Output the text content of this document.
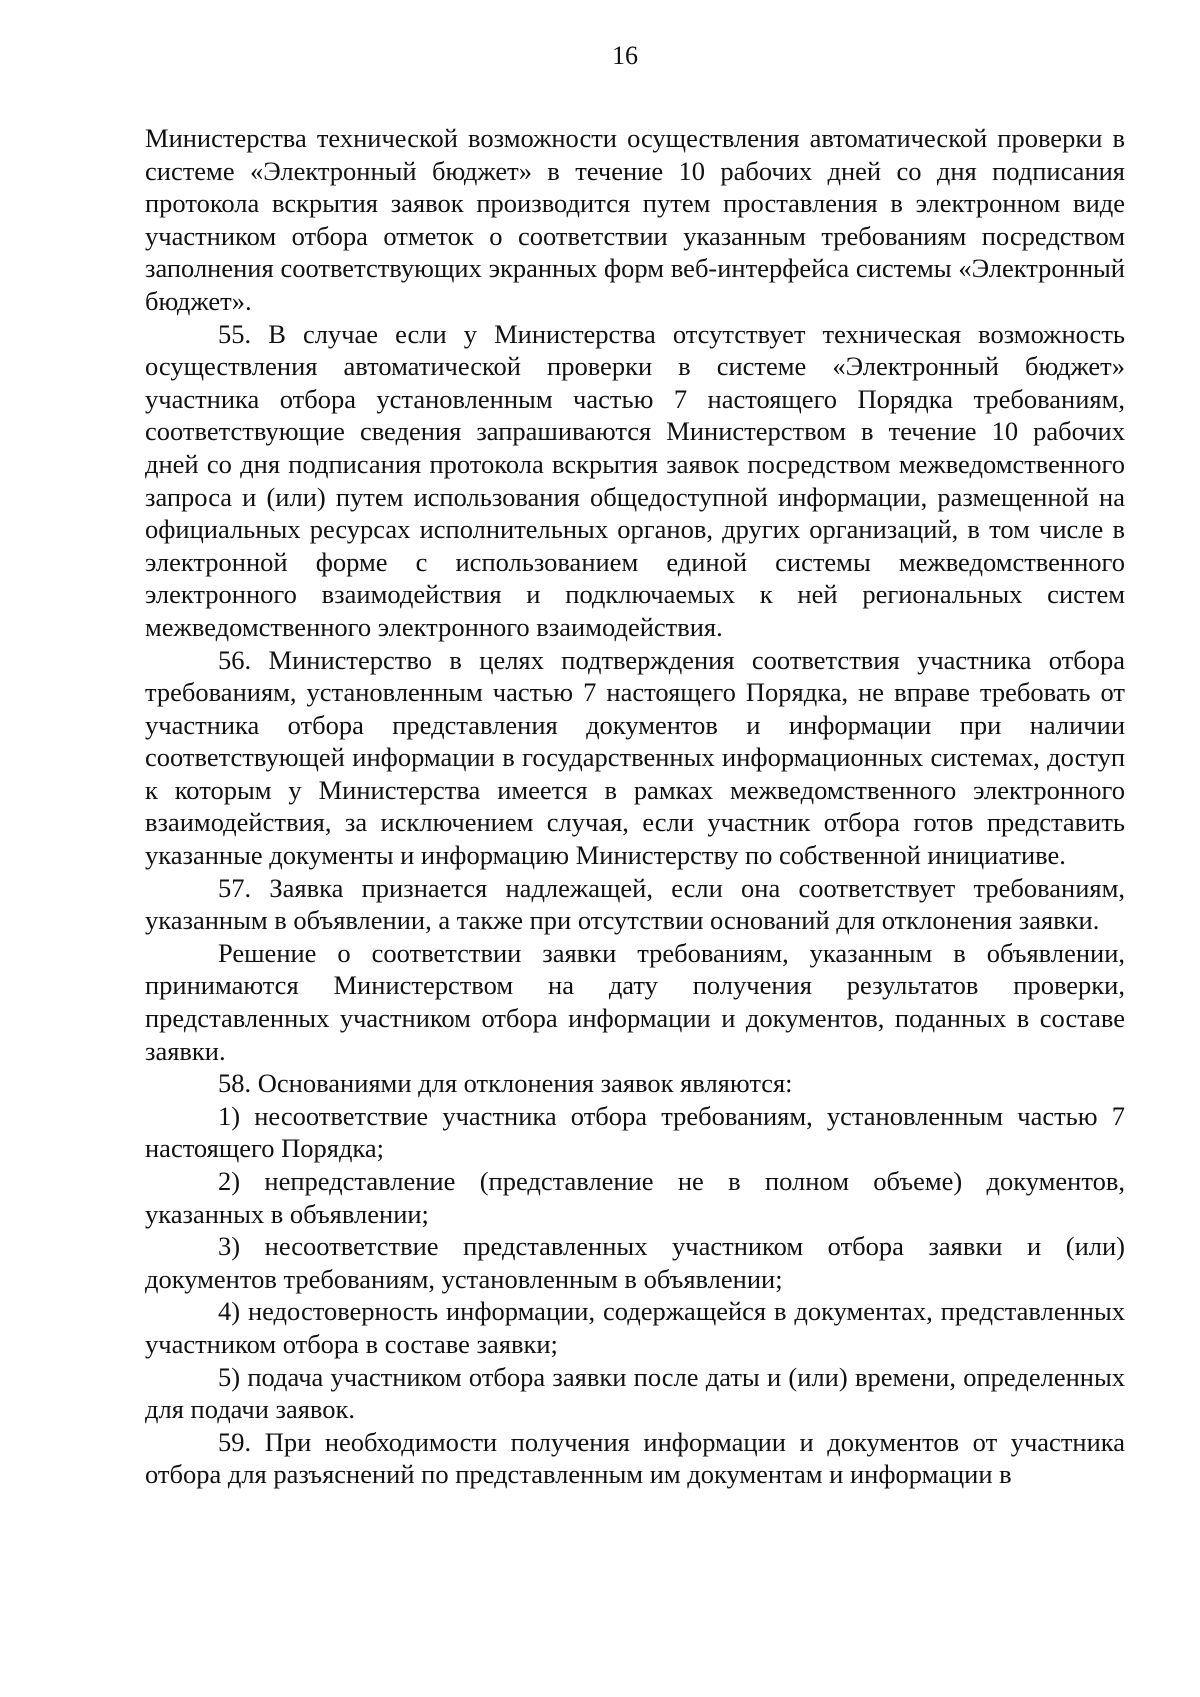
16

Министерства технической возможности осуществления автоматической проверки в системе «Электронный бюджет» в течение 10 рабочих дней со дня подписания протокола вскрытия заявок производится путем проставления в электронном виде участником отбора отметок о соответствии указанным требованиям посредством заполнения соответствующих экранных форм веб-интерфейса системы «Электронный бюджет».

55. В случае если у Министерства отсутствует техническая возможность осуществления автоматической проверки в системе «Электронный бюджет» участника отбора установленным частью 7 настоящего Порядка требованиям, соответствующие сведения запрашиваются Министерством в течение 10 рабочих дней со дня подписания протокола вскрытия заявок посредством межведомственного запроса и (или) путем использования общедоступной информации, размещенной на официальных ресурсах исполнительных органов, других организаций, в том числе в электронной форме с использованием единой системы межведомственного электронного взаимодействия и подключаемых к ней региональных систем межведомственного электронного взаимодействия.

56. Министерство в целях подтверждения соответствия участника отбора требованиям, установленным частью 7 настоящего Порядка, не вправе требовать от участника отбора представления документов и информации при наличии соответствующей информации в государственных информационных системах, доступ к которым у Министерства имеется в рамках межведомственного электронного взаимодействия, за исключением случая, если участник отбора готов представить указанные документы и информацию Министерству по собственной инициативе.

57. Заявка признается надлежащей, если она соответствует требованиям, указанным в объявлении, а также при отсутствии оснований для отклонения заявки.

Решение о соответствии заявки требованиям, указанным в объявлении, принимаются Министерством на дату получения результатов проверки, представленных участником отбора информации и документов, поданных в составе заявки.

58. Основаниями для отклонения заявок являются:

1) несоответствие участника отбора требованиям, установленным частью 7 настоящего Порядка;

2) непредставление (представление не в полном объеме) документов, указанных в объявлении;

3) несоответствие представленных участником отбора заявки и (или) документов требованиям, установленным в объявлении;

4) недостоверность информации, содержащейся в документах, представленных участником отбора в составе заявки;

5) подача участником отбора заявки после даты и (или) времени, определенных для подачи заявок.

59. При необходимости получения информации и документов от участника отбора для разъяснений по представленным им документам и информации в
